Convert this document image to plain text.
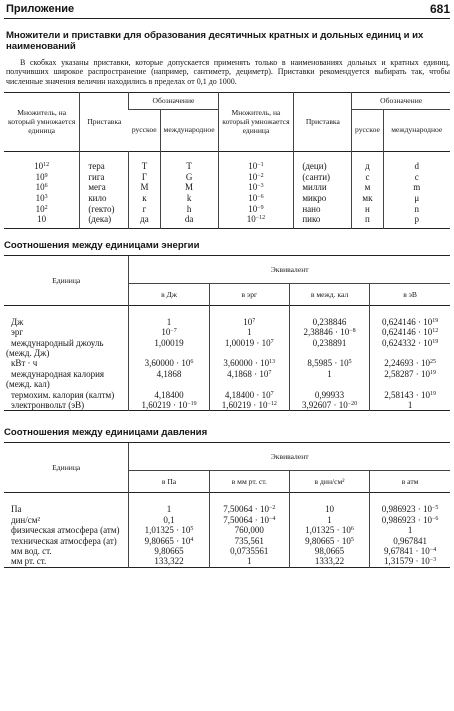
Приложение	681
Множители и приставки для образования десятичных кратных и дольных единиц и их наименований
В скобках указаны приставки, которые допускается применять только в наименованиях дольных и кратных единиц, получивших широкое распространение (например, сантиметр, дециметр). Приставки рекомендуется выбирать так, чтобы численные значения величин находились в пределах от 0,1 до 1000.
Множитель, на который умножается единица	Приставка	Обозначение		Множитель, на который умножается единица	Приставка	Обозначение	
		русское	международное			русское	международное
$10^{12}$	тера	Т	T	$10^{-1}$	(деци)	д	d
$10^9$	гига	Г	G	$10^{-2}$	(санти)	с	c
$10^6$	мега	М	M	$10^{-3}$	милли	м	m
$10^3$	кило	к	k	$10^{-6}$	микро	мк	μ
$10^2$	(гекто)	г	h	$10^{-9}$	нано	н	n
10	(дека)	да	da	$10^{-12}$	пико	п	p
Соотношения между единицами энергии
Единица	Эквивалент			
	в Дж	в эрг	в межд. кал	в эВ
Дж	1	$10^7$	0,238846	$0,624146 \cdot 10^{19}$
эрг	$10^{-7}$	1	$2,38846 \cdot 10^{-8}$	$0,624146 \cdot 10^{12}$
международный джоуль (межд. Дж)	1,00019	$1,00019 \cdot 10^7$	0,238891	$0,624332 \cdot 10^{19}$
кВт · ч	$3,60000 \cdot 10^6$	$3,60000 \cdot 10^{13}$	$8,5985 \cdot 10^5$	$2,24693 \cdot 10^{25}$
международная калория (межд. кал)	4,1868	$4,1868 \cdot 10^7$	1	$2,58287 \cdot 10^{19}$
термохим. калория (калтм)	4,18400	$4,18400 \cdot 10^7$	0,99933	$2,58143 \cdot 10^{19}$
электронвольт (эВ)	$1,60219 \cdot 10^{-19}$	$1,60219 \cdot 10^{-12}$	$3,92607 \cdot 10^{-20}$	1
Соотношения между единицами давления
Единица	Эквивалент			
	в Па	в мм рт. ст.	в дин/см²	в атм
Па	1	$7,50064 \cdot 10^{-2}$	10	$0,986923 \cdot 10^{-5}$
дин/см²	0,1	$7,50064 \cdot 10^{-4}$	1	$0,986923 \cdot 10^{-6}$
физическая атмосфера (атм)	$1,01325 \cdot 10^5$	760,000	$1,01325 \cdot 10^6$	1
техническая атмосфера (ат)	$9,80665 \cdot 10^4$	735,561	$9,80665 \cdot 10^5$	0,967841
мм вод. ст.	9,80665	0,0735561	98,0665	$9,67841 \cdot 10^{-4}$
мм рт. ст.	133,322	1	1333,22	$1,31579 \cdot 10^{-3}$
